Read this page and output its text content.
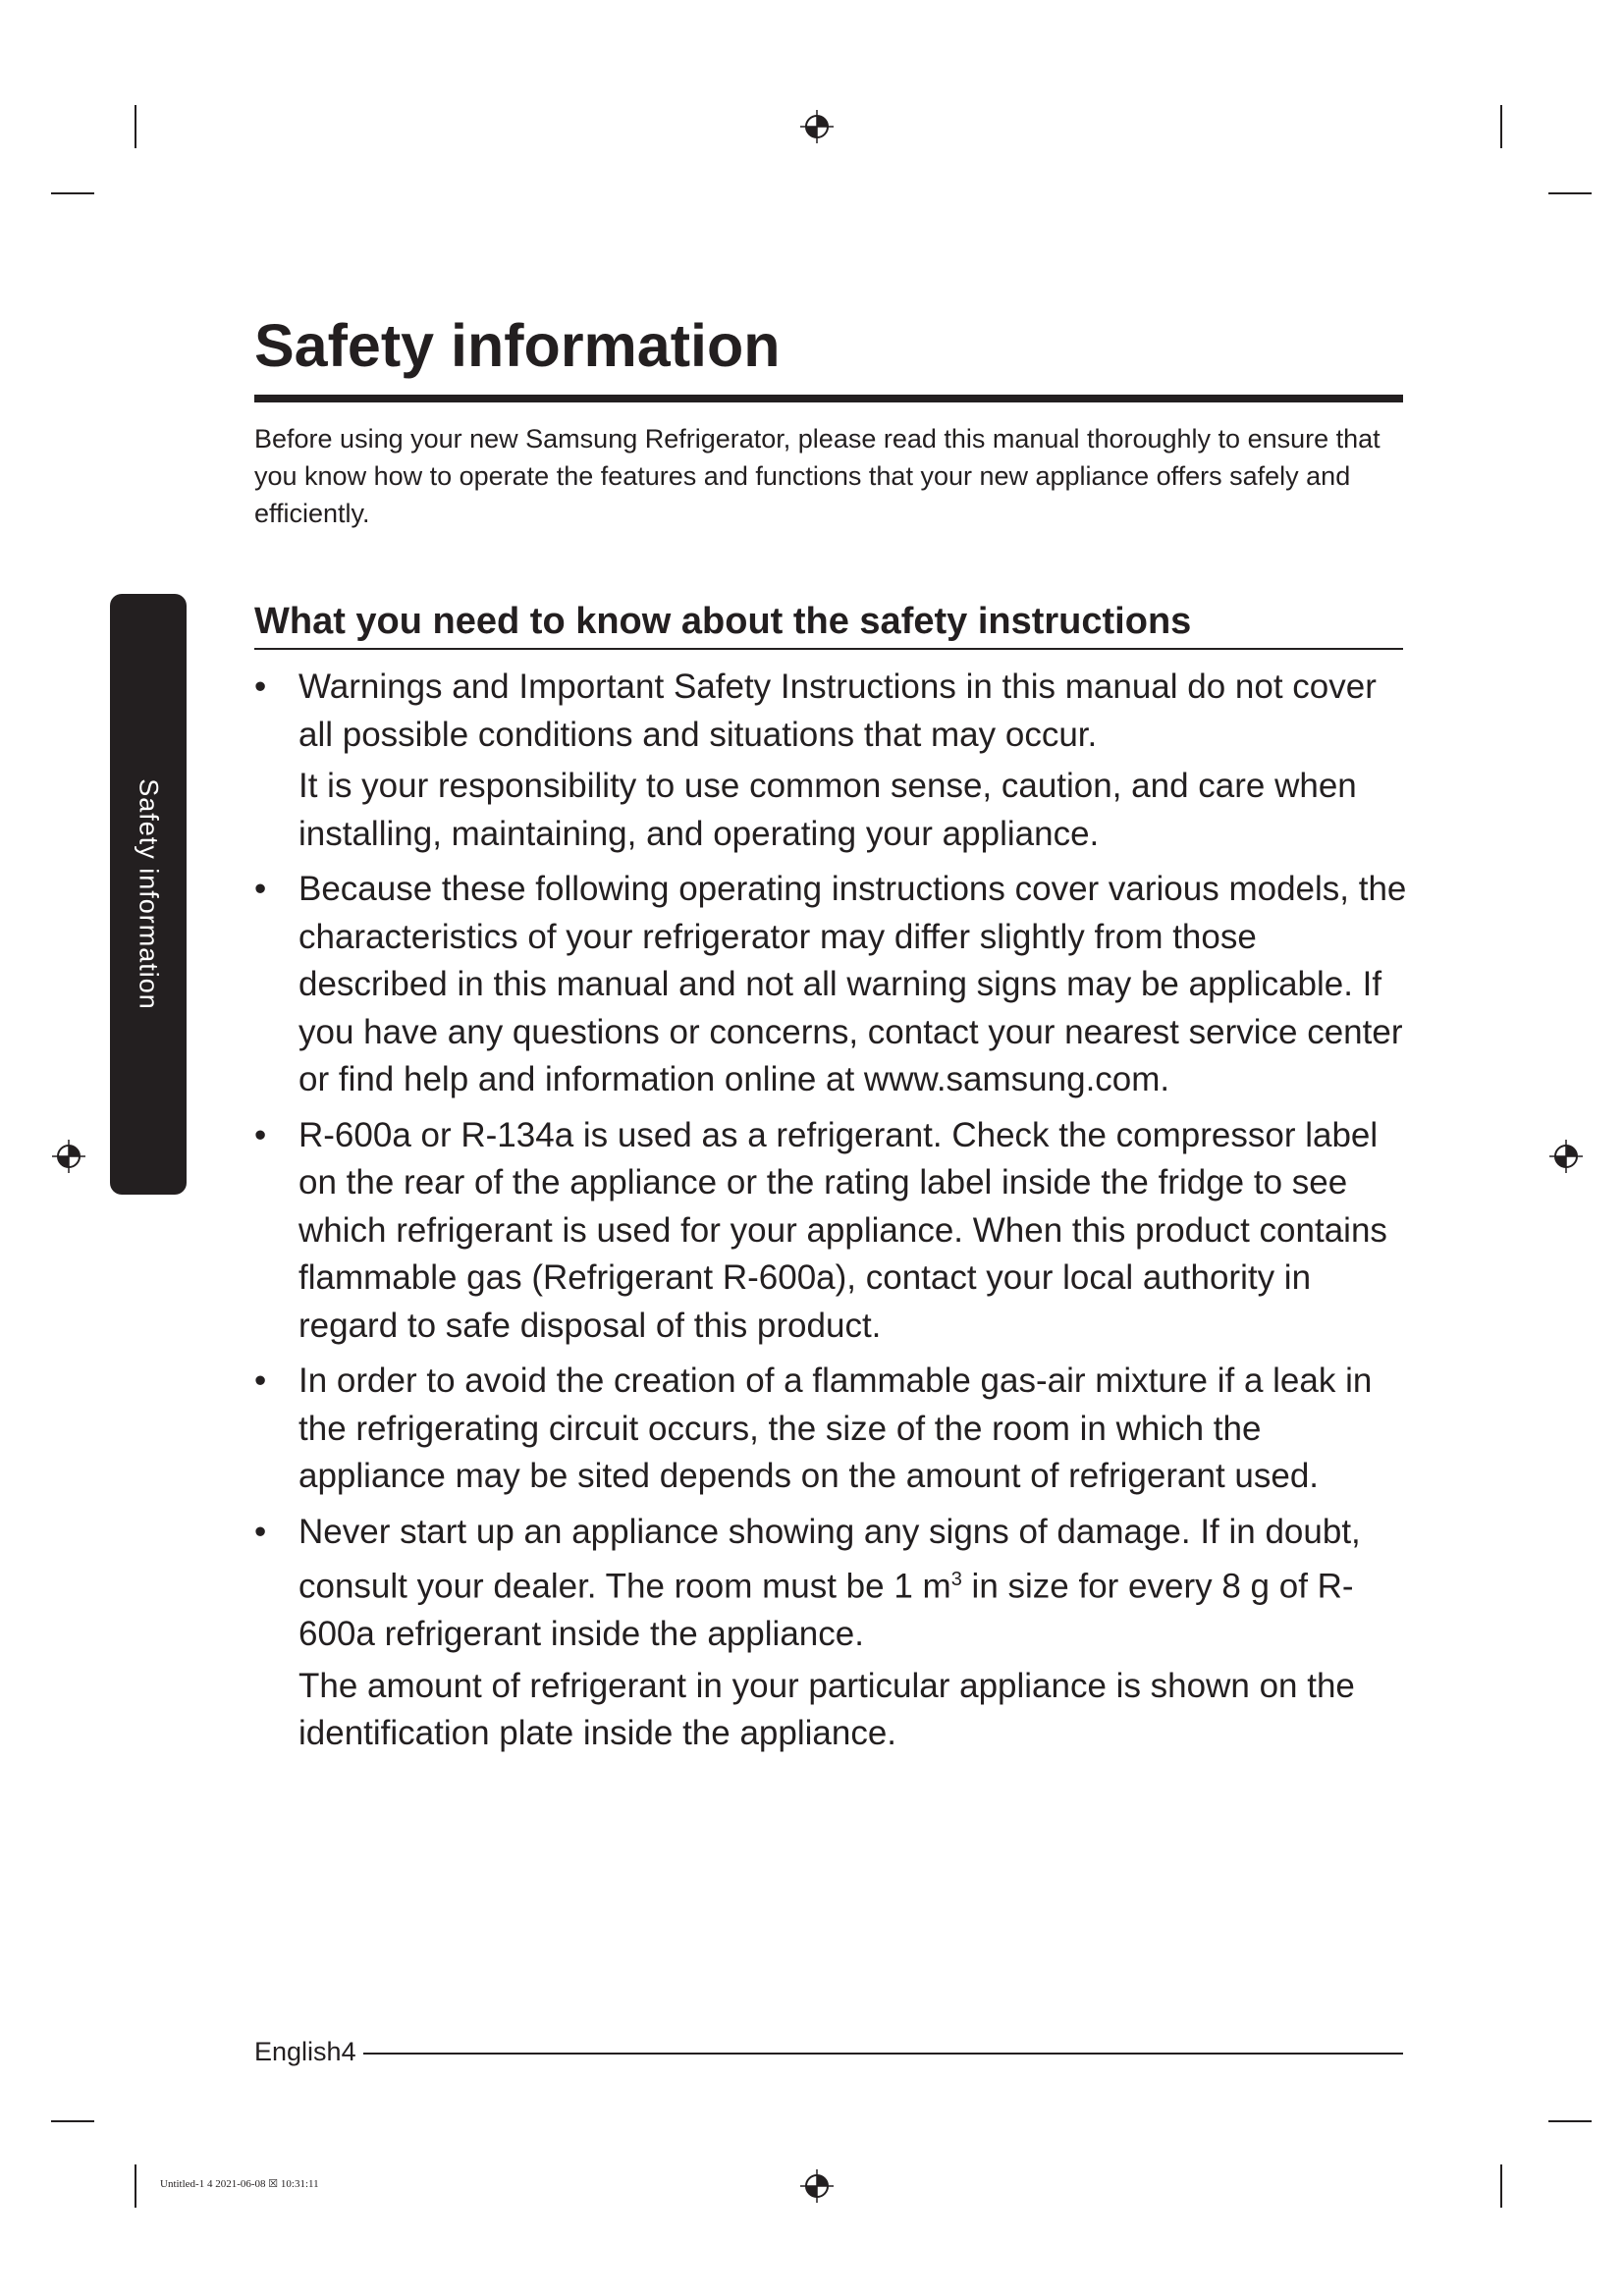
Safety information
Before using your new Samsung Refrigerator, please read this manual thoroughly to ensure that you know how to operate the features and functions that your new appliance offers safely and efficiently.
Safety information
What you need to know about the safety instructions
• Warnings and Important Safety Instructions in this manual do not cover all possible conditions and situations that may occur.
It is your responsibility to use common sense, caution, and care when installing, maintaining, and operating your appliance.
• Because these following operating instructions cover various models, the characteristics of your refrigerator may differ slightly from those described in this manual and not all warning signs may be applicable. If you have any questions or concerns, contact your nearest service center or find help and information online at www.samsung.com.
• R-600a or R-134a is used as a refrigerant. Check the compressor label on the rear of the appliance or the rating label inside the fridge to see which refrigerant is used for your appliance. When this product contains flammable gas (Refrigerant R-600a), contact your local authority in regard to safe disposal of this product.
• In order to avoid the creation of a flammable gas-air mixture if a leak in the refrigerating circuit occurs, the size of the room in which the appliance may be sited depends on the amount of refrigerant used.
• Never start up an appliance showing any signs of damage. If in doubt, consult your dealer. The room must be 1 $m^3$ in size for every 8 g of R-600a refrigerant inside the appliance.
The amount of refrigerant in your particular appliance is shown on the identification plate inside the appliance.
English4
Untitled-1 4 2021-06-08 ☒ 10:31:11
